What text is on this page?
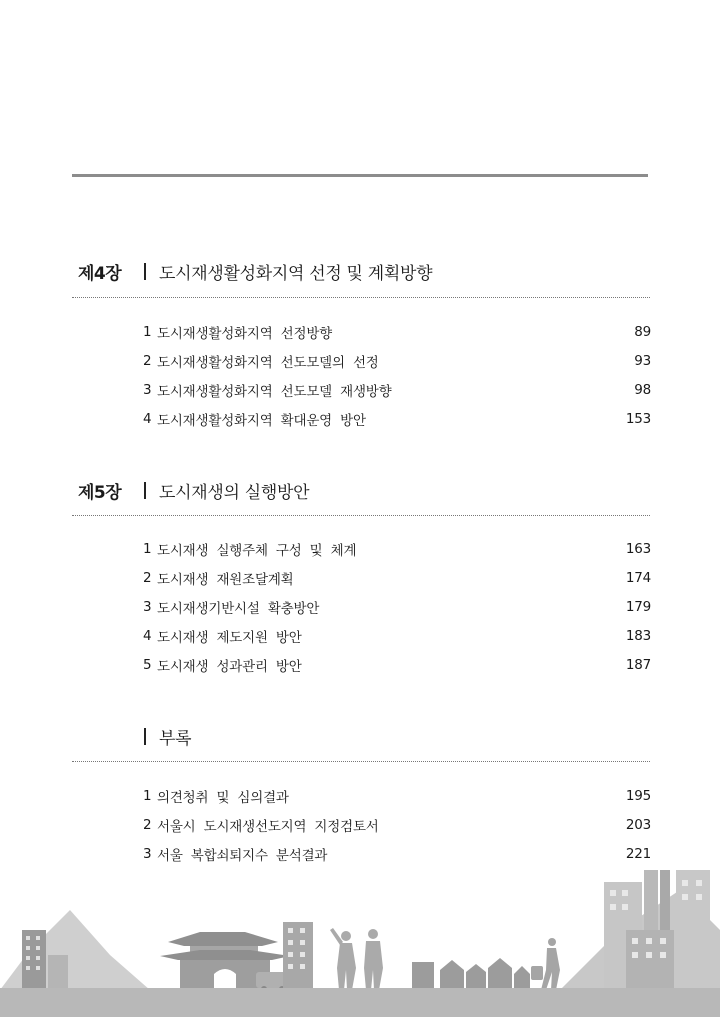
제4장	도시재생활성화지역 선정 및 계획방향
1 도시재생활성화지역 선정방향	89
2 도시재생활성화지역 선도모델의 선정	93
3 도시재생활성화지역 선도모델 재생방향	98
4 도시재생활성화지역 확대운영 방안	153
제5장	도시재생의 실행방안
1 도시재생 실행주체 구성 및 체계	163
2 도시재생 재원조달계획	174
3 도시재생기반시설 확충방안	179
4 도시재생 제도지원 방안	183
5 도시재생 성과관리 방안	187
부록
1 의견청취 및 심의결과	195
2 서울시 도시재생선도지역 지정검토서	203
3 서울 복합쇠퇴지수 분석결과	221
